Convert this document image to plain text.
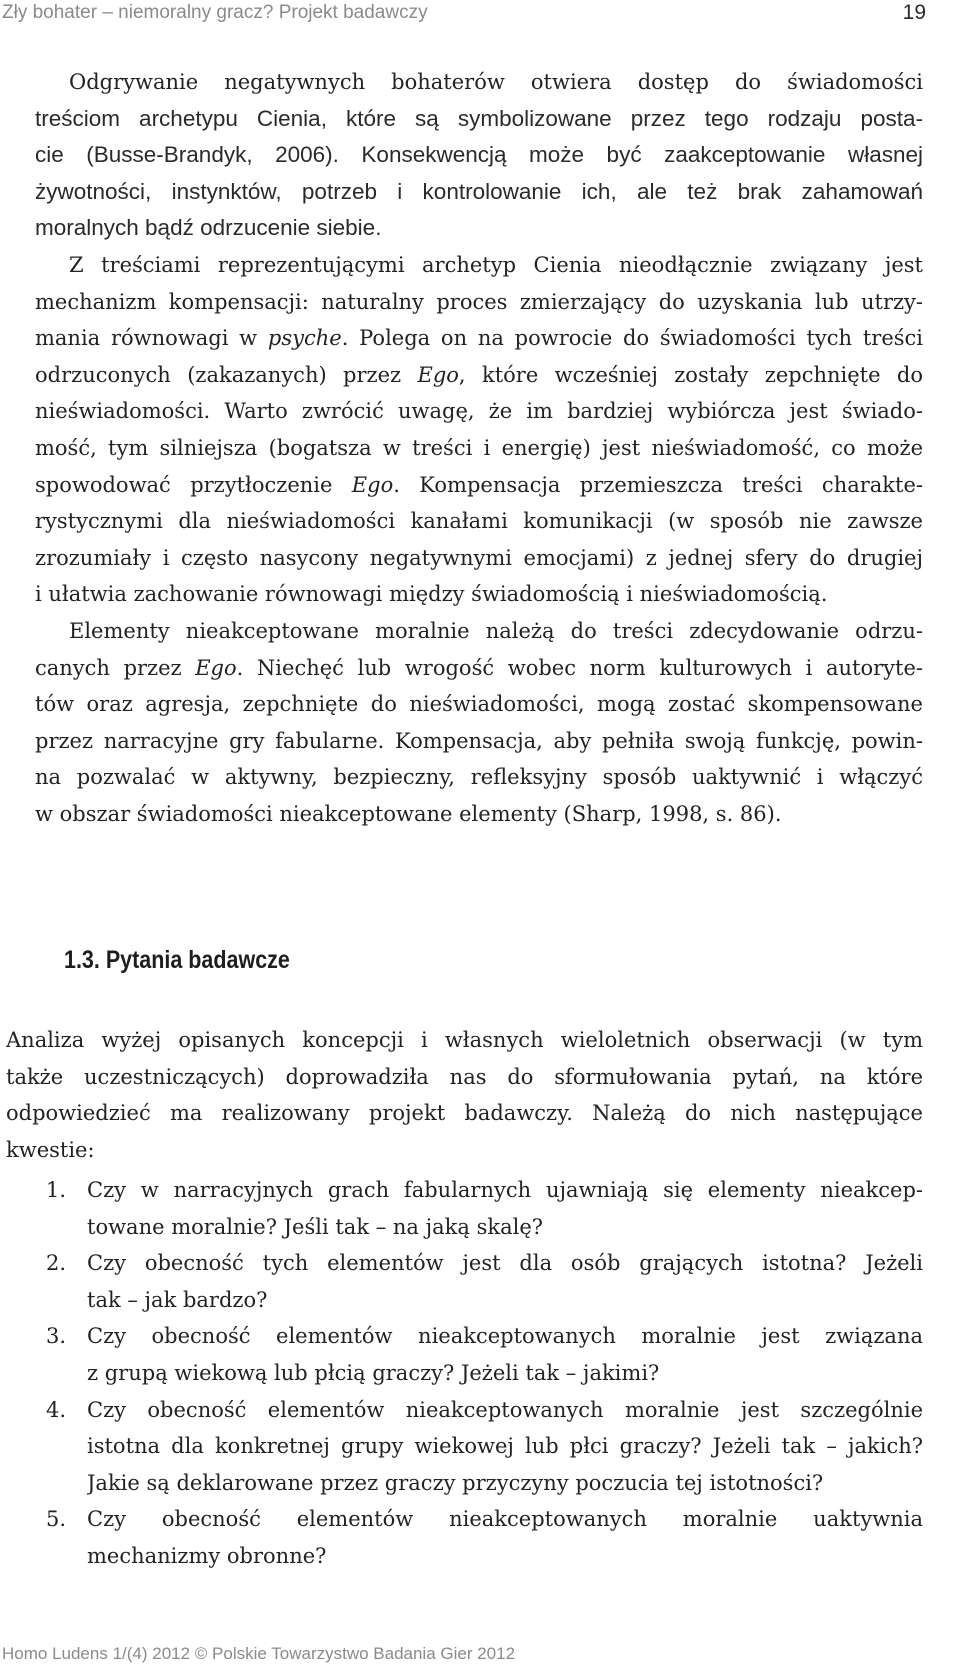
Zły bohater – niemoralny gracz? Projekt badawczy	19
Odgrywanie negatywnych bohaterów otwiera dostęp do świadomości
treściom archetypu Cienia, które są symbolizowane przez tego rodzaju posta-
cie (Busse-Brandyk, 2006). Konsekwencją może być zaakceptowanie własnej
żywotności, instynktów, potrzeb i kontrolowanie ich, ale też brak zahamowań
moralnych bądź odrzucenie siebie.
Z treściami reprezentującymi archetyp Cienia nieodłącznie związany jest
mechanizm kompensacji: naturalny proces zmierzający do uzyskania lub utrzy-
mania równowagi w psyche. Polega on na powrocie do świadomości tych treści
odrzuconych (zakazanych) przez Ego, które wcześniej zostały zepchnięte do
nieświadomości. Warto zwrócić uwagę, że im bardziej wybiórcza jest świado-
mość, tym silniejsza (bogatsza w treści i energię) jest nieświadomość, co może
spowodować przytłoczenie Ego. Kompensacja przemieszcza treści charakte-
rystycznymi dla nieświadomości kanałami komunikacji (w sposób nie zawsze
zrozumiały i często nasycony negatywnymi emocjami) z jednej sfery do drugiej
i ułatwia zachowanie równowagi między świadomością i nieświadomością.
Elementy nieakceptowane moralnie należą do treści zdecydowanie odrzu-
canych przez Ego. Niechęć lub wrogość wobec norm kulturowych i autoryte-
tów oraz agresja, zepchnięte do nieświadomości, mogą zostać skompensowane
przez narracyjne gry fabularne. Kompensacja, aby pełniła swoją funkcję, powin-
na pozwalać w aktywny, bezpieczny, refleksyjny sposób uaktywnić i włączyć
w obszar świadomości nieakceptowane elementy (Sharp, 1998, s. 86).
1.3. Pytania badawcze
Analiza wyżej opisanych koncepcji i własnych wieloletnich obserwacji (w tym
także uczestniczących) doprowadziła nas do sformułowania pytań, na które
odpowiedzieć ma realizowany projekt badawczy. Należą do nich następujące
kwestie:
1. Czy w narracyjnych grach fabularnych ujawniają się elementy nieakcep-
towane moralnie? Jeśli tak – na jaką skalę?
2. Czy obecność tych elementów jest dla osób grających istotna? Jeżeli
tak – jak bardzo?
3. Czy obecność elementów nieakceptowanych moralnie jest związana
z grupą wiekową lub płcią graczy? Jeżeli tak – jakimi?
4. Czy obecność elementów nieakceptowanych moralnie jest szczególnie
istotna dla konkretnej grupy wiekowej lub płci graczy? Jeżeli tak – jakich?
Jakie są deklarowane przez graczy przyczyny poczucia tej istotności?
5. Czy obecność elementów nieakceptowanych moralnie uaktywnia
mechanizmy obronne?
Homo Ludens 1/(4) 2012 © Polskie Towarzystwo Badania Gier 2012
